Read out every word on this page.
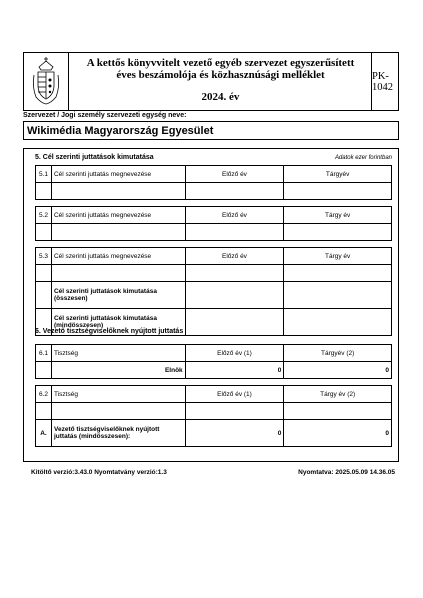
A kettős könyvvitelt vezető egyéb szervezet egyszerűsített
éves beszámolója és közhasznúsági melléklet
2024. év
PK-1042
Szervezet / Jogi személy szervezeti egység neve:
Wikimédia Magyarország Egyesület
5. Cél szerinti juttatások kimutatása	Adatok ezer forintban
5.1	Cél szerinti juttatás megnevezése	Előző év	Tárgyév

5.2	Cél szerinti juttatás megnevezése	Előző év	Tárgy év

5.3	Cél szerinti juttatás megnevezése	Előző év	Tárgy év

	Cél szerinti juttatások kimutatása (összesen)		
	Cél szerinti juttatások kimutatása (mindösszesen)		
6. Vezető tisztségviselőknek nyújtott juttatás
6.1	Tisztség	Előző év (1)	Tárgyév (2)
	Elnök	0	0

6.2	Tisztség	Előző év (1)	Tárgy év (2)

A.	Vezető tisztségviselőknek nyújtott juttatás (mindösszesen):	0	0
Kitöltő verzió:3.43.0 Nyomtatvány verzió:1.3	Nyomtatva: 2025.05.09 14.36.05
